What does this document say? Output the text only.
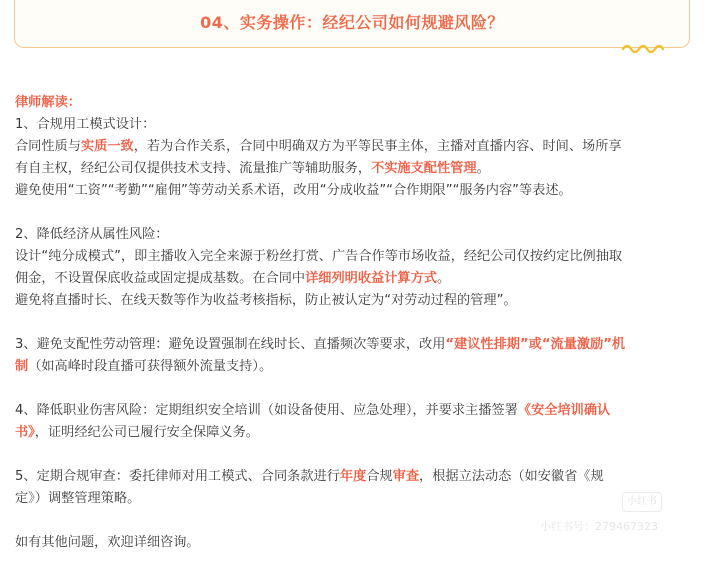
04、实务操作：经纪公司如何规避风险？
律师解读：
1、合规用工模式设计：
合同性质与实质一致，若为合作关系，合同中明确双方为平等民事主体，主播对直播内容、时间、场所享
有自主权，经纪公司仅提供技术支持、流量推广等辅助服务，不实施支配性管理。
避免使用“工资”“考勤”“雇佣”等劳动关系术语，改用“分成收益”“合作期限”“服务内容”等表述。
2、降低经济从属性风险：
设计“纯分成模式”，即主播收入完全来源于粉丝打赏、广告合作等市场收益，经纪公司仅按约定比例抽取
佣金，不设置保底收益或固定提成基数。在合同中详细列明收益计算方式。
避免将直播时长、在线天数等作为收益考核指标，防止被认定为“对劳动过程的管理”。
3、避免支配性劳动管理：避免设置强制在线时长、直播频次等要求，改用“建议性排期”或“流量激励”机
制（如高峰时段直播可获得额外流量支持）。
4、降低职业伤害风险：定期组织安全培训（如设备使用、应急处理），并要求主播签署《安全培训确认
书》，证明经纪公司已履行安全保障义务。
5、定期合规审查：委托律师对用工模式、合同条款进行年度合规审查，根据立法动态（如安徽省《规
定》）调整管理策略。
如有其他问题，欢迎详细咨询。
小红书
小红书号：279467323
